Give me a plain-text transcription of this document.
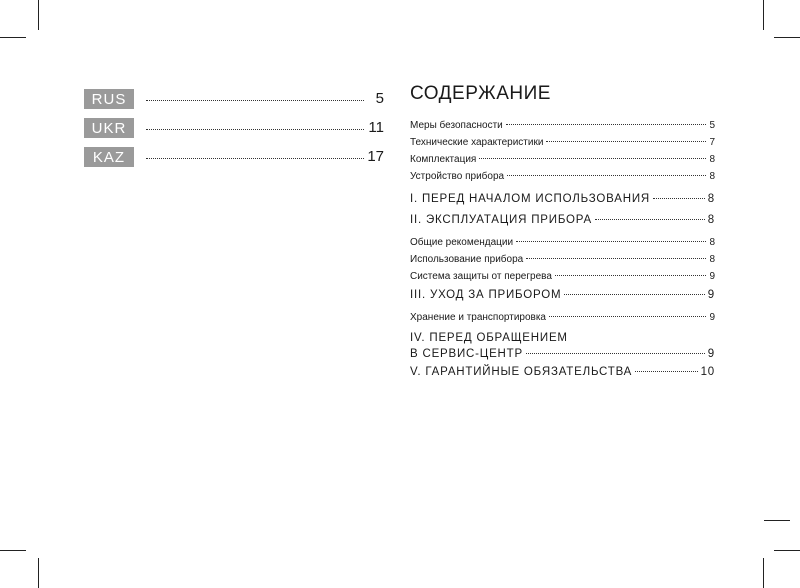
RUS	5
UKR	11
KAZ	17
СОДЕРЖАНИЕ
Меры безопасности	5
Технические характеристики	7
Комплектация	8
Устройство прибора	8
I. ПЕРЕД НАЧАЛОМ ИСПОЛЬЗОВАНИЯ	8
II. ЭКСПЛУАТАЦИЯ ПРИБОРА	8
Общие рекомендации	8
Использование прибора	8
Система защиты от перегрева	9
III. УХОД ЗА ПРИБОРОМ	9
Хранение и транспортировка	9
IV. ПЕРЕД ОБРАЩЕНИЕМ
В СЕРВИС-ЦЕНТР	9
V. ГАРАНТИЙНЫЕ ОБЯЗАТЕЛЬСТВА	10
